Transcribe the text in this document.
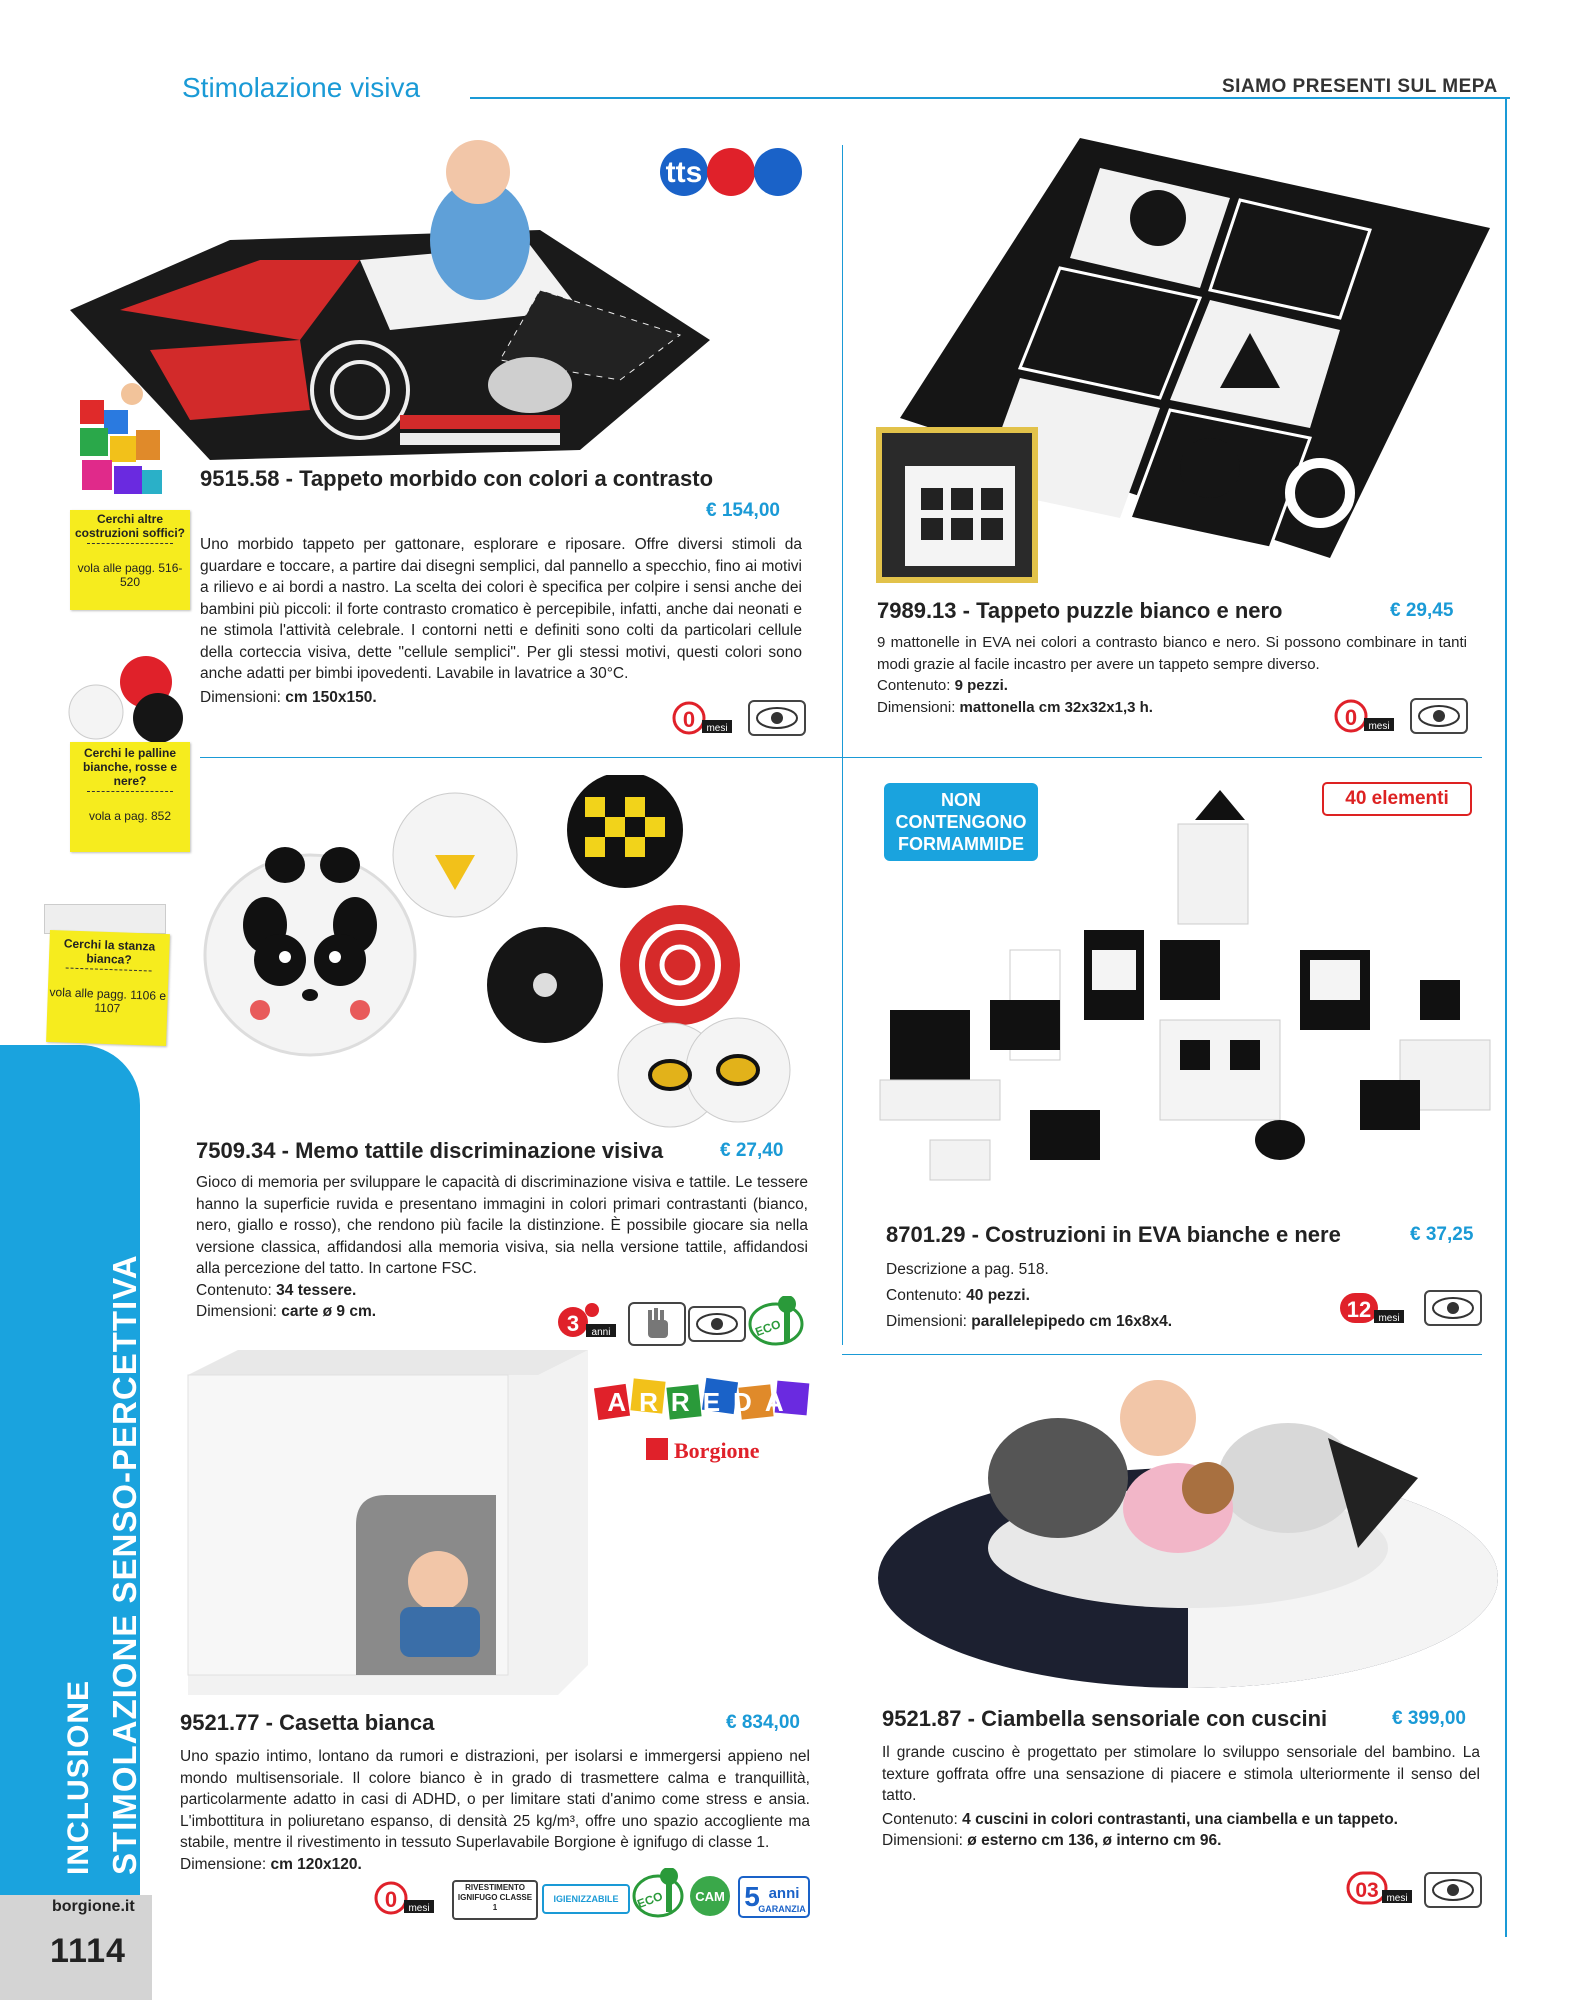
Stimolazione visiva	SIAMO PRESENTI SUL MEPA
INCLUSIONE STIMOLAZIONE SENSO-PERCETTIVA
borgione.it
1114
Cerchi altre costruzioni soffici?
vola alle pagg. 516-520
Cerchi le palline bianche, rosse e nere?
vola a pag. 852
Cerchi la stanza bianca?
vola alle pagg. 1106 e 1107
tts
9515.58 - Tappeto morbido con colori a contrasto
€ 154,00

Uno morbido tappeto per gattonare, esplorare e riposare. Offre diversi stimoli da guardare e toccare, a partire dai disegni semplici, dal pannello a specchio, fino ai motivi a rilievo e ai bordi a nastro. La scelta dei colori è specifica per colpire i sensi anche dei bambini più piccoli: il forte contrasto cromatico è percepibile, infatti, anche dai neonati e ne stimola l'attività celebrale. I contorni netti e definiti sono colti da particolari cellule della corteccia visiva, dette "cellule semplici". Per gli stessi motivi, questi colori sono anche adatti per bimbi ipovedenti. Lavabile in lavatrice a 30°C.

Dimensioni: cm 150x150.

0 mesi
7989.13 - Tappeto puzzle bianco e nero	€ 29,45

9 mattonelle in EVA nei colori a contrasto bianco e nero. Si possono combinare in tanti modi grazie al facile incastro per avere un tappeto sempre diverso.

Contenuto: 9 pezzi.

Dimensioni: mattonella cm 32x32x1,3 h.	0 mesi
7509.34 - Memo tattile discriminazione visiva	€ 27,40

Gioco di memoria per sviluppare le capacità di discriminazione visiva e tattile. Le tessere hanno la superficie ruvida e presentano immagini in colori primari contrastanti (bianco, nero, giallo e rosso), che rendono più facile la distinzione. È possibile giocare sia nella versione classica, affidandosi alla memoria visiva, sia nella versione tattile, affidandosi alla percezione del tatto. In cartone FSC.

Contenuto: 34 tessere.

Dimensioni: carte ø 9 cm.	3 anni	ECO
NON CONTENGONO FORMAMMIDE
40 elementi
8701.29 - Costruzioni in EVA bianche e nere	€ 37,25

Descrizione a pag. 518.

Contenuto: 40 pezzi.

Dimensioni: parallelepipedo cm 16x8x4.	12 mesi
ARREDA
Borgione
9521.77 - Casetta bianca	€ 834,00

Uno spazio intimo, lontano da rumori e distrazioni, per isolarsi e immergersi appieno nel mondo multisensoriale. Il colore bianco è in grado di trasmettere calma e tranquillità, particolarmente adatto in casi di ADHD, o per limitare stati d'animo come stress e ansia. L'imbottitura in poliuretano espanso, di densità 25 kg/m³, offre uno spazio accogliente ma stabile, mentre il rivestimento in tessuto Superlavabile Borgione è ignifugo di classe 1.

Dimensione: cm 120x120.

0 mesi
RIVESTIMENTO IGNIFUGO CLASSE 1
IGIENIZZABILE	ECO CAM 5 anni
GARANZIA
9521.87 - Ciambella sensoriale con cuscini	€ 399,00

Il grande cuscino è progettato per stimolare lo sviluppo sensoriale del bambino. La texture goffrata offre una sensazione di piacere e stimola ulteriormente il senso del tatto.

Contenuto: 4 cuscini in colori contrastanti, una ciambella e un tappeto.

Dimensioni: ø esterno cm 136, ø interno cm 96.

03 mesi
